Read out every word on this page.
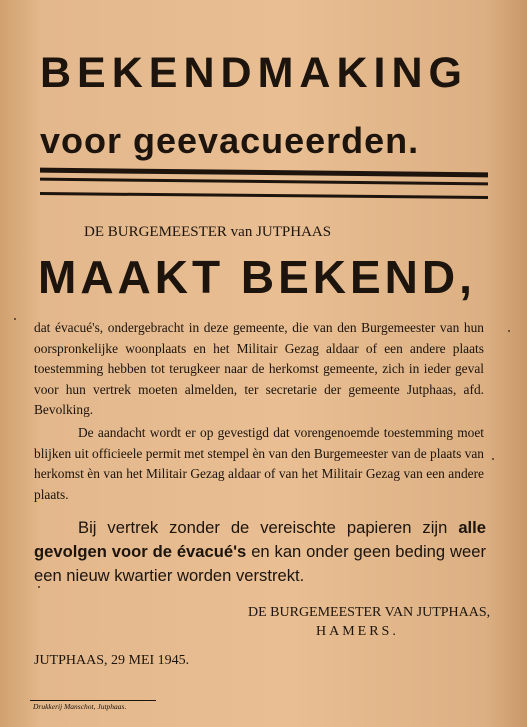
BEKENDMAKING
voor geevacueerden.
DE BURGEMEESTER van JUTPHAAS
MAAKT BEKEND,
dat évacué's, ondergebracht in deze gemeente, die van den Burgemeester van hun oorspronkelijke woonplaats en het Militair Gezag aldaar of een andere plaats toestemming hebben tot terugkeer naar de herkomst gemeente, zich in ieder geval voor hun vertrek moeten almelden, ter secretarie der gemeente Jutphaas, afd. Bevolking.
De aandacht wordt er op gevestigd dat vorengenoemde toestemming moet blijken uit officieele permit met stempel èn van den Burgemeester van de plaats van herkomst èn van het Militair Gezag aldaar of van het Militair Gezag van een andere plaats.
Bij vertrek zonder de vereischte papieren zijn alle gevolgen voor de évacué's en kan onder geen beding weer een nieuw kwartier worden verstrekt.
DE BURGEMEESTER VAN JUTPHAAS,
HAMERS.
JUTPHAAS, 29 MEI 1945.
Drukkerij Manschot, Jutphaas.
